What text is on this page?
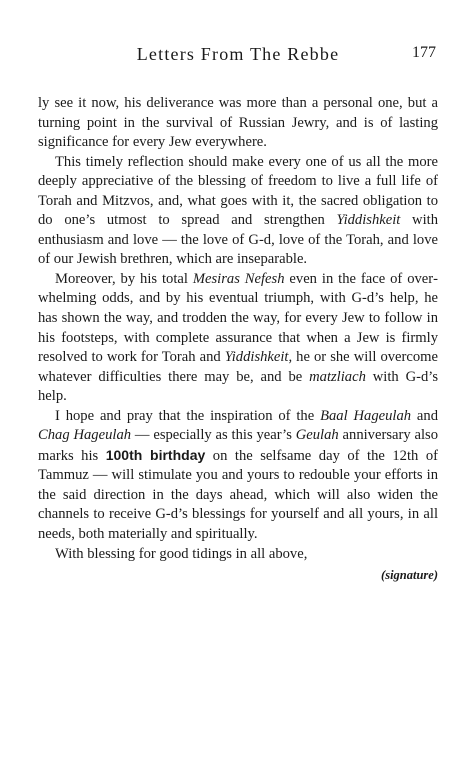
Letters From The Rebbe	177

ly see it now, his deliverance was more than a personal one, but a turning point in the survival of Russian Jewry, and is of lasting significance for every Jew everywhere.

This timely reflection should make every one of us all the more deeply appreciative of the blessing of freedom to live a full life of Torah and Mitzvos, and, what goes with it, the sacred obligation to do one’s utmost to spread and strengthen Yiddishkeit with enthusiasm and love — the love of G-d, love of the Torah, and love of our Jewish brethren, which are inseparable.

Moreover, by his total Mesiras Nefesh even in the face of overwhelming odds, and by his eventual triumph, with G-d’s help, he has shown the way, and trodden the way, for every Jew to follow in his footsteps, with complete assurance that when a Jew is firmly resolved to work for Torah and Yiddishkeit, he or she will overcome whatever difficulties there may be, and be matzliach with G-d’s help.

I hope and pray that the inspiration of the Baal Hageulah and Chag Hageulah — especially as this year’s Geulah anniversary also marks his 100th birthday on the selfsame day of the 12th of Tammuz — will stimulate you and yours to redouble your efforts in the said direction in the days ahead, which will also widen the channels to receive G-d’s blessings for yourself and all yours, in all needs, both materially and spiritually.

With blessing for good tidings in all above,

(signature)
